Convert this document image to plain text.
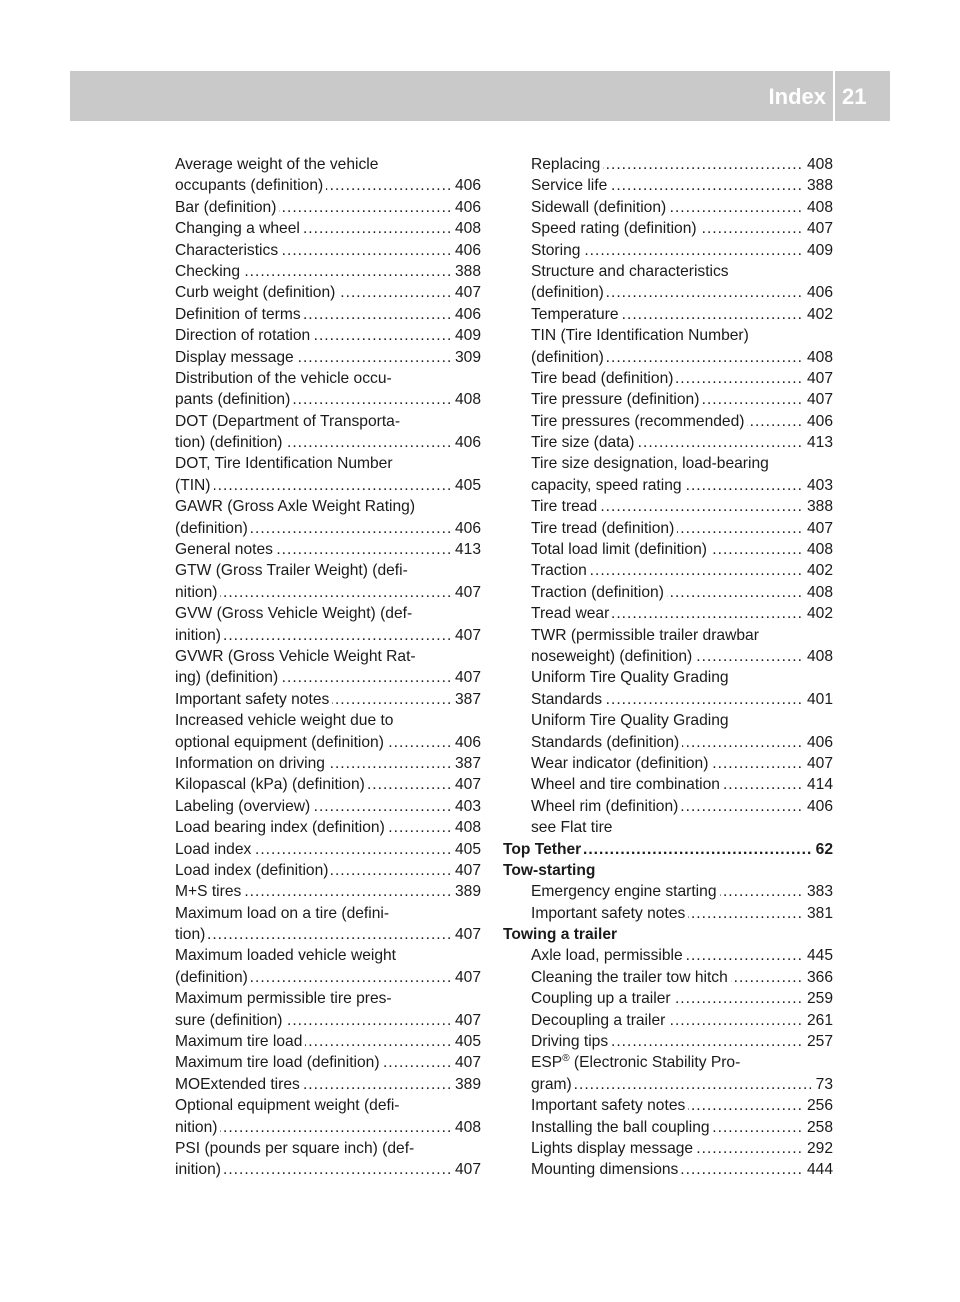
Index 21
Average weight of the vehicle
..... occupants (definition)	406
..... Bar (definition)	406
..... Changing a wheel	408
..... Characteristics	406
..... Checking	388
..... Curb weight (definition)	407
..... Definition of terms	406
..... Direction of rotation	409
..... Display message	309
Distribution of the vehicle occu-
..... pants (definition)	408
DOT (Department of Transporta-
..... tion) (definition)	406
DOT, Tire Identification Number
..... (TIN)	405
GAWR (Gross Axle Weight Rating)
..... (definition)	406
..... General notes	413
GTW (Gross Trailer Weight) (defi-
..... nition)	407
GVW (Gross Vehicle Weight) (def-
..... inition)	407
GVWR (Gross Vehicle Weight Rat-
..... ing) (definition)	407
..... Important safety notes	387
Increased vehicle weight due to
..... optional equipment (definition)	406
..... Information on driving	387
..... Kilopascal (kPa) (definition)	407
..... Labeling (overview)	403
..... Load bearing index (definition)	408
..... Load index	405
..... Load index (definition)	407
..... M+S tires	389
Maximum load on a tire (defini-
..... tion)	407
Maximum loaded vehicle weight
..... (definition)	407
Maximum permissible tire pres-
..... sure (definition)	407
..... Maximum tire load	405
..... Maximum tire load (definition)	407
..... MOExtended tires	389
Optional equipment weight (defi-
..... nition)	408
PSI (pounds per square inch) (def-
..... inition)	407
..... Replacing	408
..... Service life	388
..... Sidewall (definition)	408
..... Speed rating (definition)	407
..... Storing	409
Structure and characteristics
..... (definition)	406
..... Temperature	402
TIN (Tire Identification Number)
..... (definition)	408
..... Tire bead (definition)	407
..... Tire pressure (definition)	407
..... Tire pressures (recommended)	406
..... Tire size (data)	413
Tire size designation, load-bearing
..... capacity, speed rating	403
..... Tire tread	388
..... Tire tread (definition)	407
..... Total load limit (definition)	408
..... Traction	402
..... Traction (definition)	408
..... Tread wear	402
TWR (permissible trailer drawbar
..... noseweight) (definition)	408
Uniform Tire Quality Grading
..... Standards	401
Uniform Tire Quality Grading
..... Standards (definition)	406
..... Wear indicator (definition)	407
..... Wheel and tire combination	414
..... Wheel rim (definition)	406
see Flat tire
..... Top Tether	62
Tow-starting
..... Emergency engine starting	383
..... Important safety notes	381
Towing a trailer
..... Axle load, permissible	445
..... Cleaning the trailer tow hitch	366
..... Coupling up a trailer	259
..... Decoupling a trailer	261
..... Driving tips	257
ESP® (Electronic Stability Pro-
..... gram)	73
..... Important safety notes	256
..... Installing the ball coupling	258
..... Lights display message	292
..... Mounting dimensions	444
